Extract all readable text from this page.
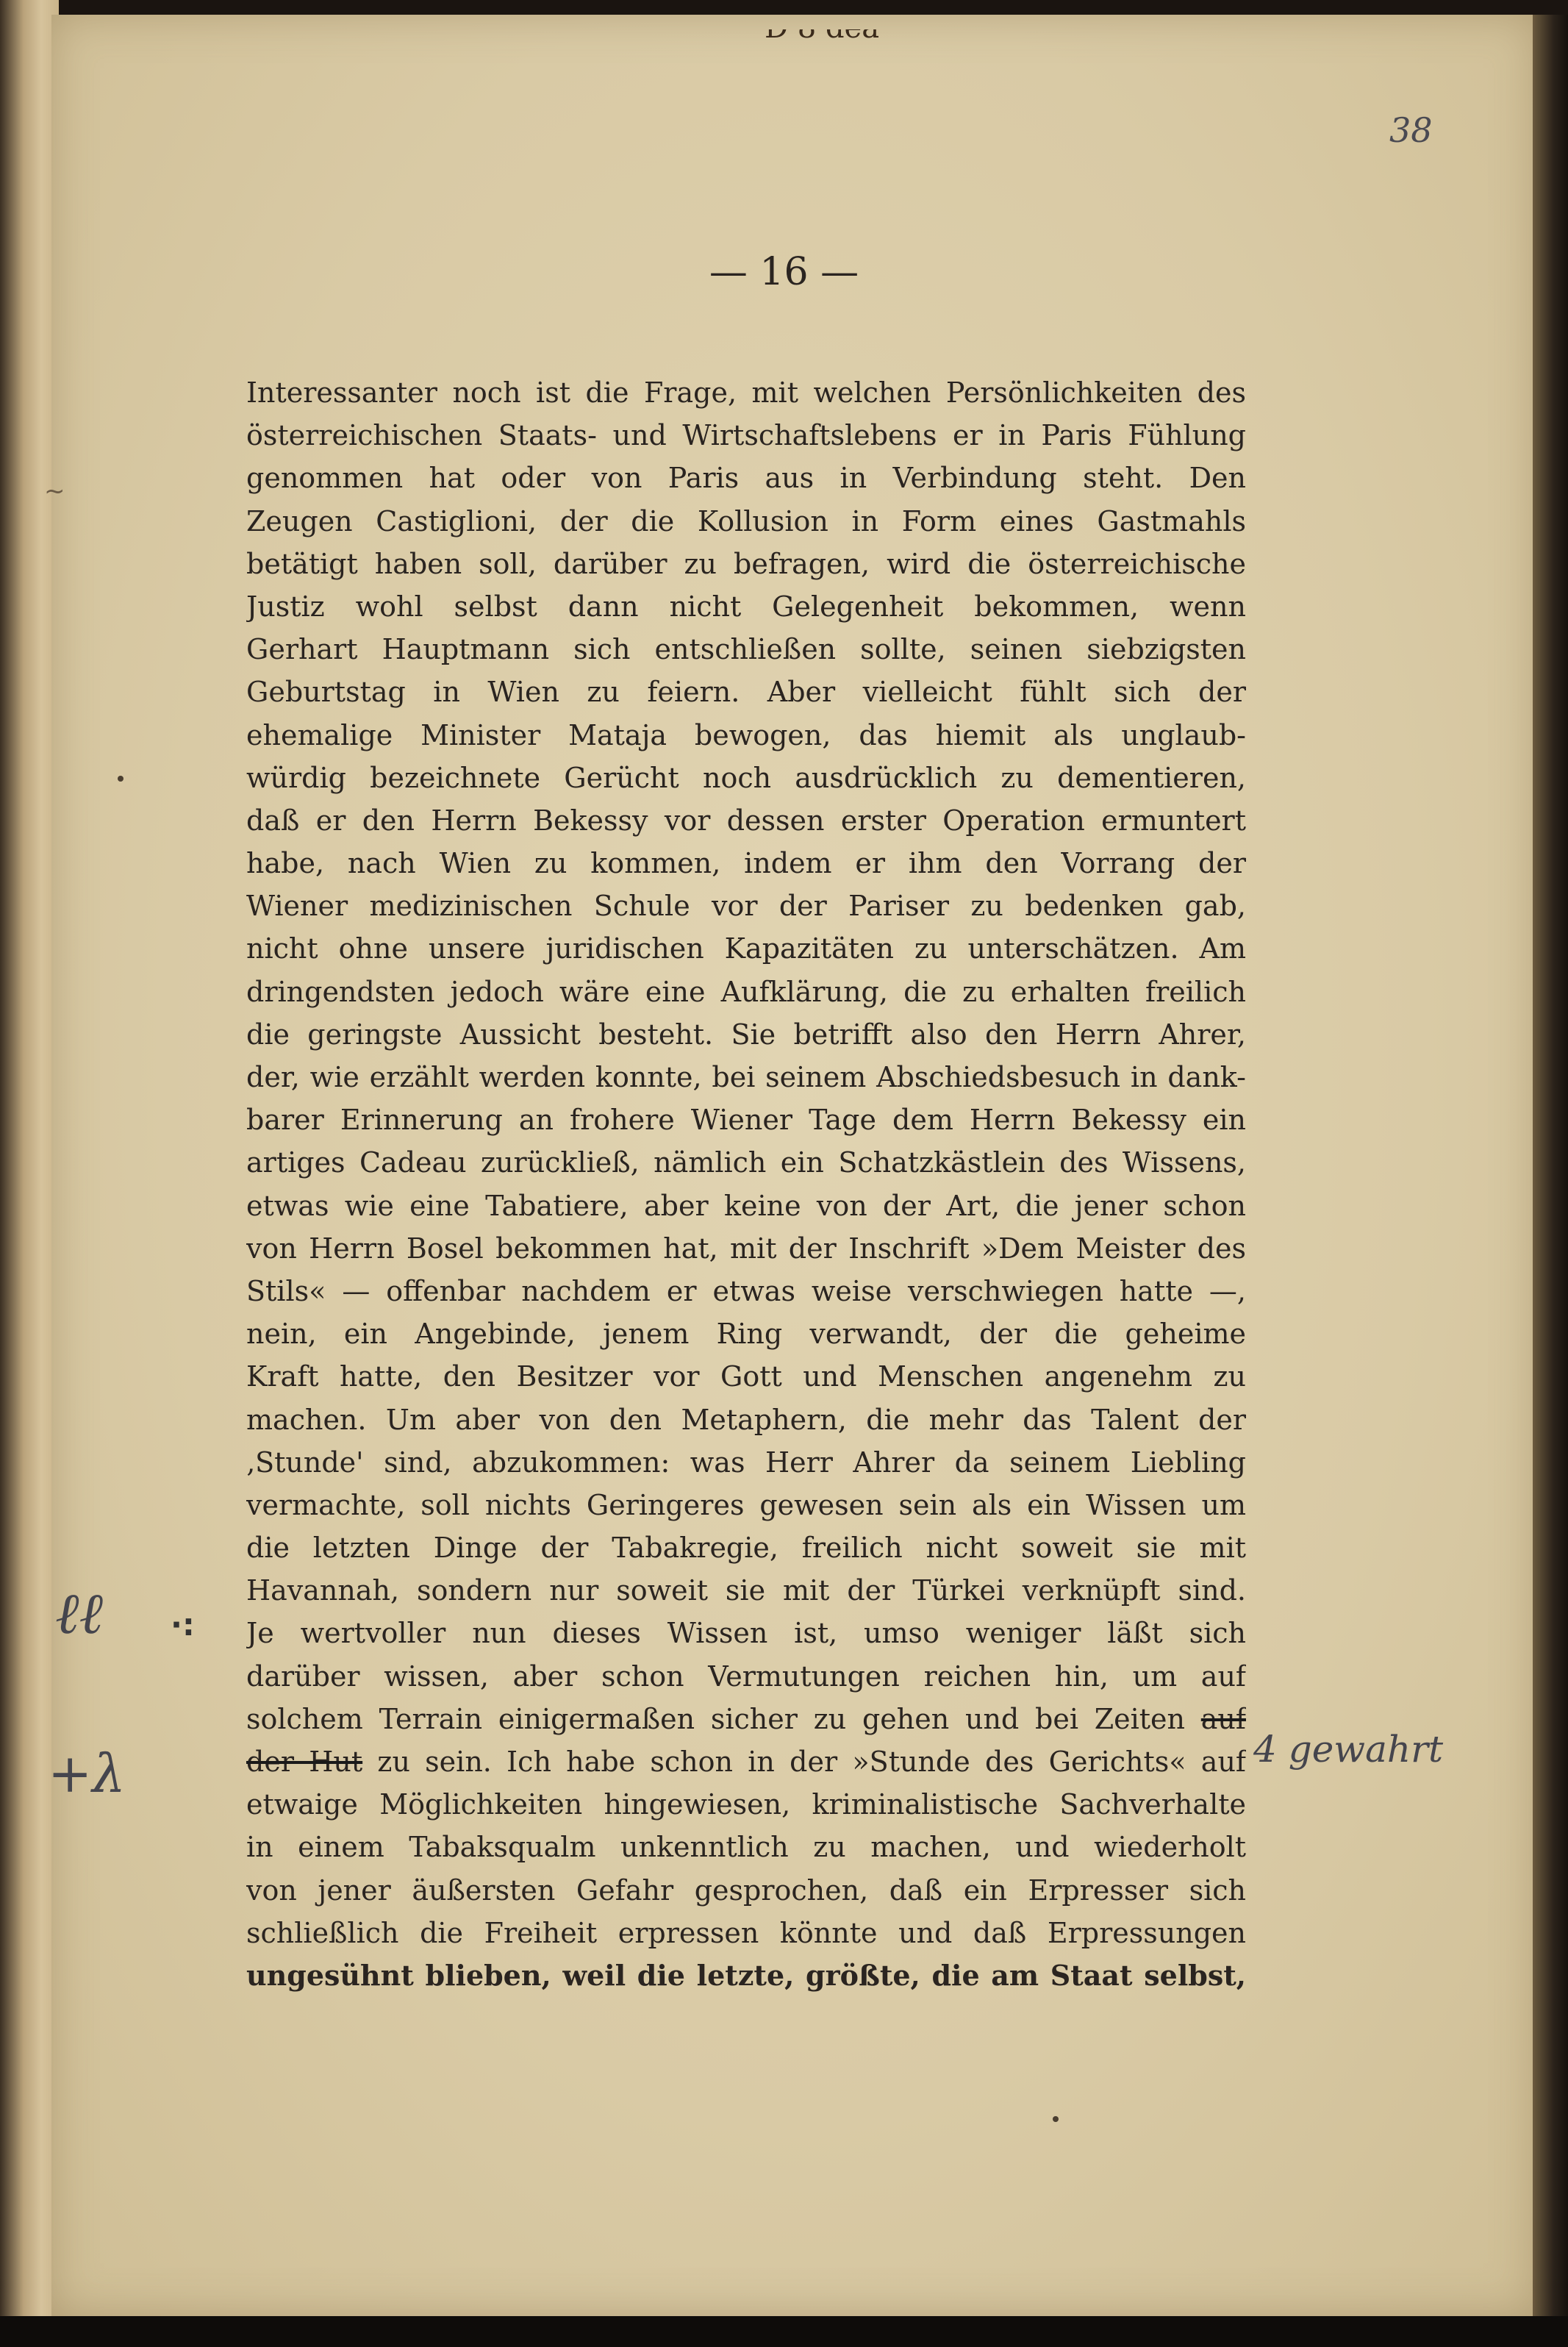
38
— 16 —
~
Interessanter noch ist die Frage, mit welchen Persönlichkeiten des
österreichischen Staats- und Wirtschaftslebens er in Paris Fühlung
genommen hat oder von Paris aus in Verbindung steht. Den
Zeugen Castiglioni, der die Kollusion in Form eines Gastmahls
betätigt haben soll, darüber zu befragen, wird die österreichische
Justiz wohl selbst dann nicht Gelegenheit bekommen, wenn
Gerhart Hauptmann sich entschließen sollte, seinen siebzigsten
Geburtstag in Wien zu feiern. Aber vielleicht fühlt sich der
ehemalige Minister Mataja bewogen, das hiemit als unglaub-
würdig bezeichnete Gerücht noch ausdrücklich zu dementieren,
daß er den Herrn Bekessy vor dessen erster Operation ermuntert
habe, nach Wien zu kommen, indem er ihm den Vorrang der
Wiener medizinischen Schule vor der Pariser zu bedenken gab,
nicht ohne unsere juridischen Kapazitäten zu unterschätzen. Am
dringendsten jedoch wäre eine Aufklärung, die zu erhalten freilich
die geringste Aussicht besteht. Sie betrifft also den Herrn Ahrer,
der, wie erzählt werden konnte, bei seinem Abschiedsbesuch in dank-
barer Erinnerung an frohere Wiener Tage dem Herrn Bekessy ein
artiges Cadeau zurückließ, nämlich ein Schatzkästlein des Wissens,
etwas wie eine Tabatiere, aber keine von der Art, die jener schon
von Herrn Bosel bekommen hat, mit der Inschrift »Dem Meister des
Stils« — offenbar nachdem er etwas weise verschwiegen hatte —,
nein, ein Angebinde, jenem Ring verwandt, der die geheime
Kraft hatte, den Besitzer vor Gott und Menschen angenehm zu
machen. Um aber von den Metaphern, die mehr das Talent der
‚Stunde' sind, abzukommen: was Herr Ahrer da seinem Liebling
vermachte, soll nichts Geringeres gewesen sein als ein Wissen um
die letzten Dinge der Tabakregie, freilich nicht soweit sie mit
Havannah, sondern nur soweit sie mit der Türkei verknüpft sind.
Je wertvoller nun dieses Wissen ist, umso weniger läßt sich
darüber wissen, aber schon Vermutungen reichen hin, um auf
solchem Terrain einigermaßen sicher zu gehen und bei Zeiten auf
der Hut zu sein. Ich habe schon in der »Stunde des Gerichts« auf
etwaige Möglichkeiten hingewiesen, kriminalistische Sachverhalte
in einem Tabaksqualm unkenntlich zu machen, und wiederholt
von jener äußersten Gefahr gesprochen, daß ein Erpresser sich
schließlich die Freiheit erpressen könnte und daß Erpressungen
ungesühnt blieben, weil die letzte, größte, die am Staat selbst,
ℓℓ ·:
+λ	4 gewahrt
